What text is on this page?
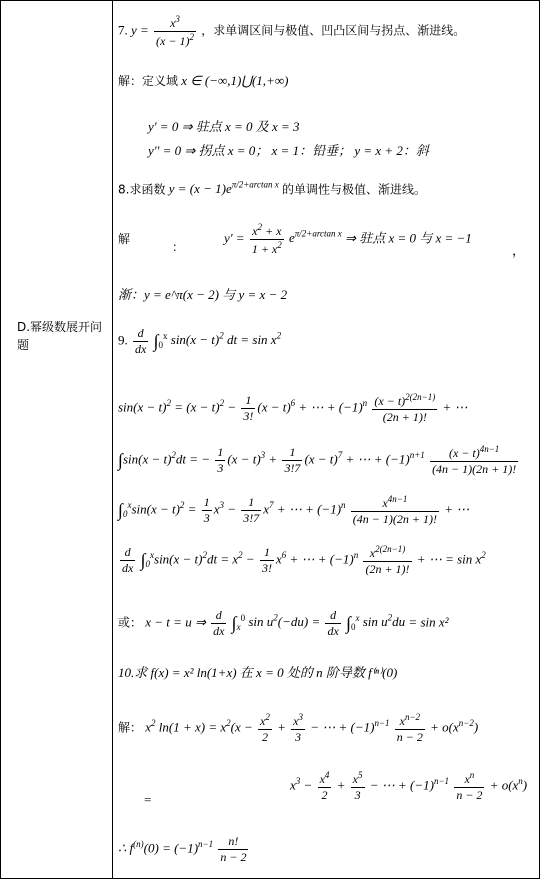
D.幂级数展开问题
7. $y = \frac{x^3}{(x - 1)^2}$ ，求单调区间与极值、凹凸区间与拐点、渐进线。
解：定义域 x ∈ (−∞,1)⋃(1,+∞)
y' = 0 ⇒ 驻点 x = 0 及 x = 3
y'' = 0 ⇒ 拐点 x = 0； x = 1：铅垂； y = x + 2：斜
8.求函数 $y = (x - 1)e^{\pi/2+arctan x}$ 的单调性与极值、渐进线。
解
：
$y' = \frac{x^2 + x}{1 + x^2} e^{\pi/2+arctan x}$ ⇒ 驻点 x = 0 与 x = −1
，
渐：y = e^π(x − 2) 与 y = x − 2
9. $\frac{d}{dx} \int_0^x$ $\sin(x - t)^2$ dt = $\sin x^2$
$\sin(x - t)^2 = (x - t)^2 - \frac{1}{3!} (x - t)^6$ + ⋯ + $(-1)^n \frac{(x - t)^{2(2n-1)}}{(2n + 1)!}$ + ⋯
$\int\sin(x - t)^2dt$ = − $\frac{1}{3} (x - t)^3 + \frac{1}{3!7} (x - t)^7$ + ⋯ + $(-1)^{n+1} \frac{(x - t)^{4n-1}}{(4n - 1)(2n + 1)!}$
$\int_0^x\sin(x - t)^2 = \frac{1}{3} x^3 - \frac{1}{3!7} x^7$ + ⋯ + $(-1)^n \frac{x^{4n-1}}{(4n - 1)(2n + 1)!}$ + ⋯
$\frac{d}{dx} \int_0^x\sin(x - t)^2dt = x^2 - \frac{1}{3!} x^6$ + ⋯ + $(-1)^n \frac{x^{2(2n-1)}}{(2n + 1)!}$ + ⋯ = $\sin x^2$
或： x − t = u ⇒ $\frac{d}{dx} \int_x^0$ $\sin u^2(-du) = \frac{d}{dx} \int_0^x$ $\sin u^2du = \sin x^2$
10.求 f(x) = x² ln(1+x) 在 x = 0 处的 n 阶导数 f⁽ⁿ⁾(0)
解： $x^2$ $\ln(1 + x) = x^2(x - \frac{x^2}{2} + \frac{x^3}{3}$ − ⋯ + $(-1)^{n-1} \frac{x^{n-2}}{n - 2} + o(x^{n-2})$
=
$x^3 - \frac{x^4}{2} + \frac{x^5}{3}$ − ⋯ + $(-1)^{n-1} \frac{x^n}{n - 2} + o(x^n)$
∴ $f^{(n)}(0) = (-1)^{n-1} \frac{n!}{n - 2}$
